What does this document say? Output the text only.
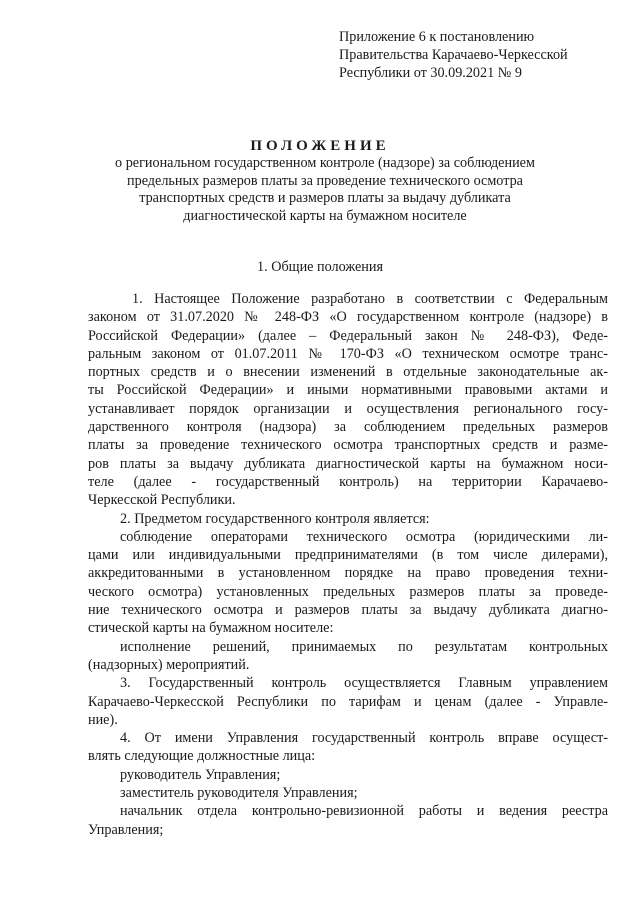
Приложение 6 к постановлению
Правительства Карачаево-Черкесской
Республики от 30.09.2021 № 9
ПОЛОЖЕНИЕ
о региональном государственном контроле (надзоре) за соблюдением
предельных размеров платы за проведение технического осмотра
транспортных средств и размеров платы за выдачу дубликата
диагностической карты на бумажном носителе
1. Общие положения
1. Настоящее Положение разработано в соответствии с Федеральным
законом от 31.07.2020 № 248-ФЗ «О государственном контроле (надзоре) в
Российской Федерации» (далее – Федеральный закон № 248-ФЗ), Феде-
ральным законом от 01.07.2011 № 170-ФЗ «О техническом осмотре транс-
портных средств и о внесении изменений в отдельные законодательные ак-
ты Российской Федерации» и иными нормативными правовыми актами и
устанавливает порядок организации и осуществления регионального госу-
дарственного контроля (надзора) за соблюдением предельных размеров
платы за проведение технического осмотра транспортных средств и разме-
ров платы за выдачу дубликата диагностической карты на бумажном носи-
теле (далее - государственный контроль) на территории Карачаево-
Черкесской Республики.
2. Предметом государственного контроля является:
соблюдение операторами технического осмотра (юридическими ли-
цами или индивидуальными предпринимателями (в том числе дилерами),
аккредитованными в установленном порядке на право проведения техни-
ческого осмотра) установленных предельных размеров платы за проведе-
ние технического осмотра и размеров платы за выдачу дубликата диагно-
стической карты на бумажном носителе:
исполнение решений, принимаемых по результатам контрольных
(надзорных) мероприятий.
3. Государственный контроль осуществляется Главным управлением
Карачаево-Черкесской Республики по тарифам и ценам (далее - Управле-
ние).
4. От имени Управления государственный контроль вправе осущест-
влять следующие должностные лица:
руководитель Управления;
заместитель руководителя Управления;
начальник отдела контрольно-ревизионной работы и ведения реестра
Управления;
